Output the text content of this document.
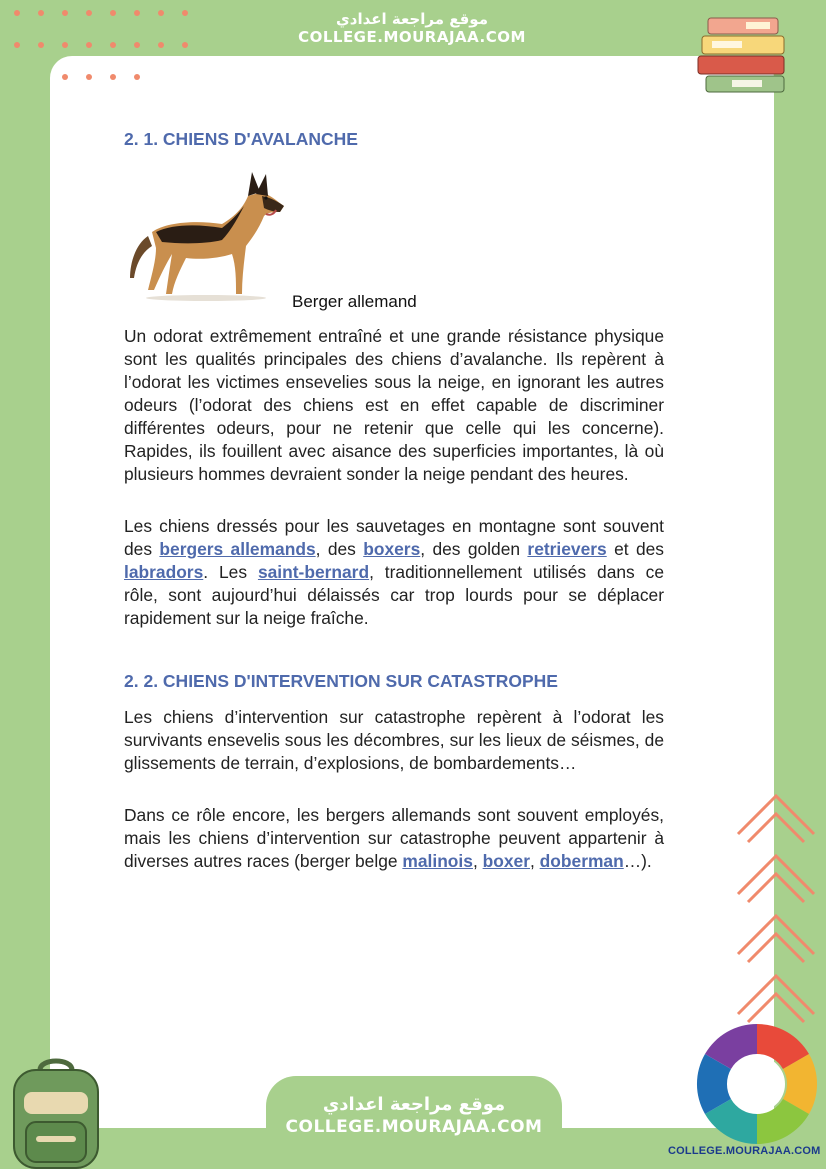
موقع مراجعة اعدادي
COLLEGE.MOURAJAA.COM
2. 1. CHIENS D'AVALANCHE
Berger allemand

Un odorat extrêmement entraîné et une grande résistance physique sont les qualités principales des chiens d’avalanche. Ils repèrent à l’odorat les victimes ensevelies sous la neige, en ignorant les autres odeurs (l’odorat des chiens est en effet capable de discriminer différentes odeurs, pour ne retenir que celle qui les concerne). Rapides, ils fouillent avec aisance des superficies importantes, là où plusieurs hommes devraient sonder la neige pendant des heures.

Les chiens dressés pour les sauvetages en montagne sont souvent des bergers allemands, des boxers, des golden retrievers et des labradors. Les saint-bernard, traditionnellement utilisés dans ce rôle, sont aujourd’hui délaissés car trop lourds pour se déplacer rapidement sur la neige fraîche.

2. 2. CHIENS D'INTERVENTION SUR CATASTROPHE

Les chiens d’intervention sur catastrophe repèrent à l’odorat les survivants ensevelis sous les décombres, sur les lieux de séismes, de glissements de terrain, d’explosions, de bombardements…

Dans ce rôle encore, les bergers allemands sont souvent employés, mais les chiens d’intervention sur catastrophe peuvent appartenir à diverses autres races (berger belge malinois, boxer, doberman…).

موقع مراجعة اعدادي
COLLEGE.MOURAJAA.COM
COLLEGE.MOURAJAA.COM
